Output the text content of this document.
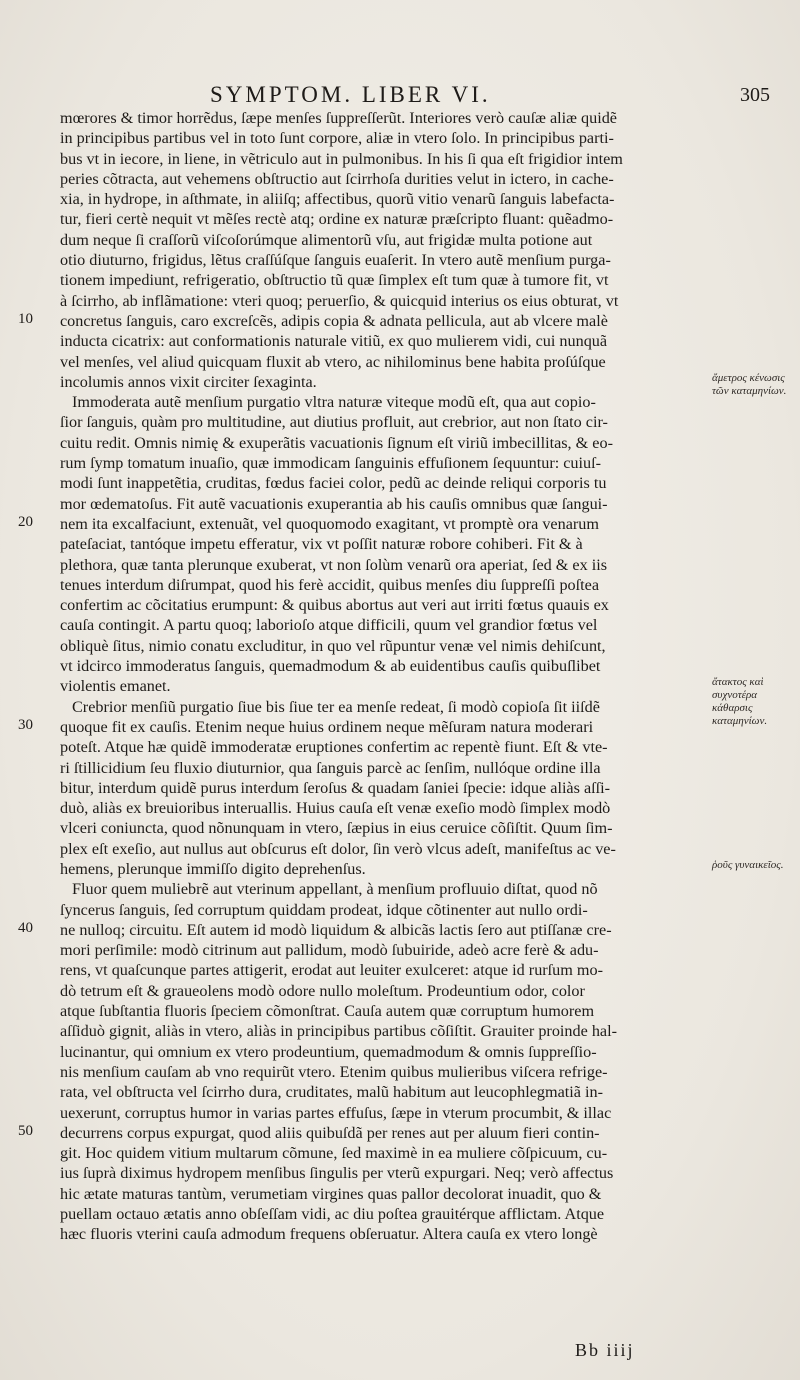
SYMPTOM. LIBER VI.	305
mœrores & timor horrẽdus, ſæpe menſes ſuppreſſerũt. Interiores verò cauſæ aliæ quidẽ
in principibus partibus vel in toto ſunt corpore, aliæ in vtero ſolo. In principibus parti-
bus vt in iecore, in liene, in vẽtriculo aut in pulmonibus. In his ſi qua eſt frigidior intem
peries cõtracta, aut vehemens obſtructio aut ſcirrhoſa durities velut in ictero, in cache-
xia, in hydrope, in aſthmate, in aliiſq; affectibus, quorũ vitio venarũ ſanguis labefacta-
tur, fieri certè nequit vt mẽſes rectè atq; ordine ex naturæ præſcripto fluant: quẽadmo-
dum neque ſi craſſorũ viſcoſorúmque alimentorũ vſu, aut frigidæ multa potione aut
otio diuturno, frigidus, lẽtus craſſúſque ſanguis euaſerit. In vtero autẽ menſium purga-
tionem impediunt, refrigeratio, obſtructio tũ quæ ſimplex eſt tum quæ à tumore fit, vt
à ſcirrho, ab inflãmatione: vteri quoq; peruerſio, & quicquid interius os eius obturat, vt
concretus ſanguis, caro excreſcẽs, adipis copia & adnata pellicula, aut ab vlcere malè
inducta cicatrix: aut conformationis naturale vitiũ, ex quo mulierem vidi, cui nunquã
vel menſes, vel aliud quicquam fluxit ab vtero, ac nihilominus bene habita proſúſque
incolumis annos vixit circiter ſexaginta.
Immoderata autẽ menſium purgatio vltra naturæ viteque modũ eſt, qua aut copio-
ſior ſanguis, quàm pro multitudine, aut diutius profluit, aut crebrior, aut non ſtato cir-
cuitu redit. Omnis nimię & exuperãtis vacuationis ſignum eſt viriũ imbecillitas, & eo-
rum ſymp tomatum inuaſio, quæ immodicam ſanguinis effuſionem ſequuntur: cuiuſ-
modi ſunt inappetẽtia, cruditas, fœdus faciei color, pedũ ac deinde reliqui corporis tu
mor œdematoſus. Fit autẽ vacuationis exuperantia ab his cauſis omnibus quæ ſangui-
nem ita excalfaciunt, extenuãt, vel quoquomodo exagitant, vt promptè ora venarum
pateſaciat, tantóque impetu efferatur, vix vt poſſit naturæ robore cohiberi. Fit & à
plethora, quæ tanta plerunque exuberat, vt non ſolùm venarũ ora aperiat, ſed & ex iis
tenues interdum diſrumpat, quod his ferè accidit, quibus menſes diu ſuppreſſi poſtea
confertim ac cõcitatius erumpunt: & quibus abortus aut veri aut irriti fœtus quauis ex
cauſa contingit. A partu quoq; laborioſo atque difficili, quum vel grandior fœtus vel
obliquè ſitus, nimio conatu excluditur, in quo vel rũpuntur venæ vel nimis dehiſcunt,
vt idcirco immoderatus ſanguis, quemadmodum & ab euidentibus cauſis quibuſlibet
violentis emanet.
Crebrior menſiũ purgatio ſiue bis ſiue ter ea menſe redeat, ſi modò copioſa ſit iiſdẽ
quoque fit ex cauſis. Etenim neque huius ordinem neque mẽſuram natura moderari
poteſt. Atque hæ quidẽ immoderatæ eruptiones confertim ac repentè fiunt. Eſt & vte-
ri ſtillicidium ſeu fluxio diuturnior, qua ſanguis parcè ac ſenſim, nullóque ordine illa
bitur, interdum quidẽ purus interdum ſeroſus & quadam ſaniei ſpecie: idque aliàs aſſi-
duò, aliàs ex breuioribus interuallis. Huius cauſa eſt venæ exeſio modò ſimplex modò
vlceri coniuncta, quod nõnunquam in vtero, ſæpius in eius ceruice cõſiſtit. Quum ſim-
plex eſt exeſio, aut nullus aut obſcurus eſt dolor, ſin verò vlcus adeſt, manifeſtus ac ve-
hemens, plerunque immiſſo digito deprehenſus.
Fluor quem muliebrẽ aut vterinum appellant, à menſium profluuio diſtat, quod nõ
ſyncerus ſanguis, ſed corruptum quiddam prodeat, idque cõtinenter aut nullo ordi-
ne nulloq; circuitu. Eſt autem id modò liquidum & albicãs lactis ſero aut ptiſſanæ cre-
mori perſimile: modò citrinum aut pallidum, modò ſubuiride, adeò acre ferè & adu-
rens, vt quaſcunque partes attigerit, erodat aut leuiter exulceret: atque id rurſum mo-
dò tetrum eſt & graueolens modò odore nullo moleſtum. Prodeuntium odor, color
atque ſubſtantia fluoris ſpeciem cõmonſtrat. Cauſa autem quæ corruptum humorem
aſſiduò gignit, aliàs in vtero, aliàs in principibus partibus cõſiſtit. Grauiter proinde hal-
lucinantur, qui omnium ex vtero prodeuntium, quemadmodum & omnis ſuppreſſio-
nis menſium cauſam ab vno requirũt vtero. Etenim quibus mulieribus viſcera refrige-
rata, vel obſtructa vel ſcirrho dura, cruditates, malũ habitum aut leucophlegmatiã in-
uexerunt, corruptus humor in varias partes effuſus, ſæpe in vterum procumbit, & illac
decurrens corpus expurgat, quod aliis quibuſdã per renes aut per aluum fieri contin-
git. Hoc quidem vitium multarum cõmune, ſed maximè in ea muliere cõſpicuum, cu-
ius ſuprà diximus hydropem menſibus ſingulis per vterũ expurgari. Neq; verò affectus
hic ætate maturas tantùm, verumetiam virgines quas pallor decolorat inuadit, quo &
puellam octauo ætatis anno obſeſſam vidi, ac diu poſtea grauitérque afflictam. Atque
hæc fluoris vterini cauſa admodum frequens obſeruatur. Altera cauſa ex vtero longè
10
20
30
40
50
ἄμετρος κένωσις τῶν καταμηνίων.
ἄτακτος καὶ συχνοτέρα κάθαρσις καταμηνίων.
ῥοῦς γυναικεῖος.
Bb iiij
